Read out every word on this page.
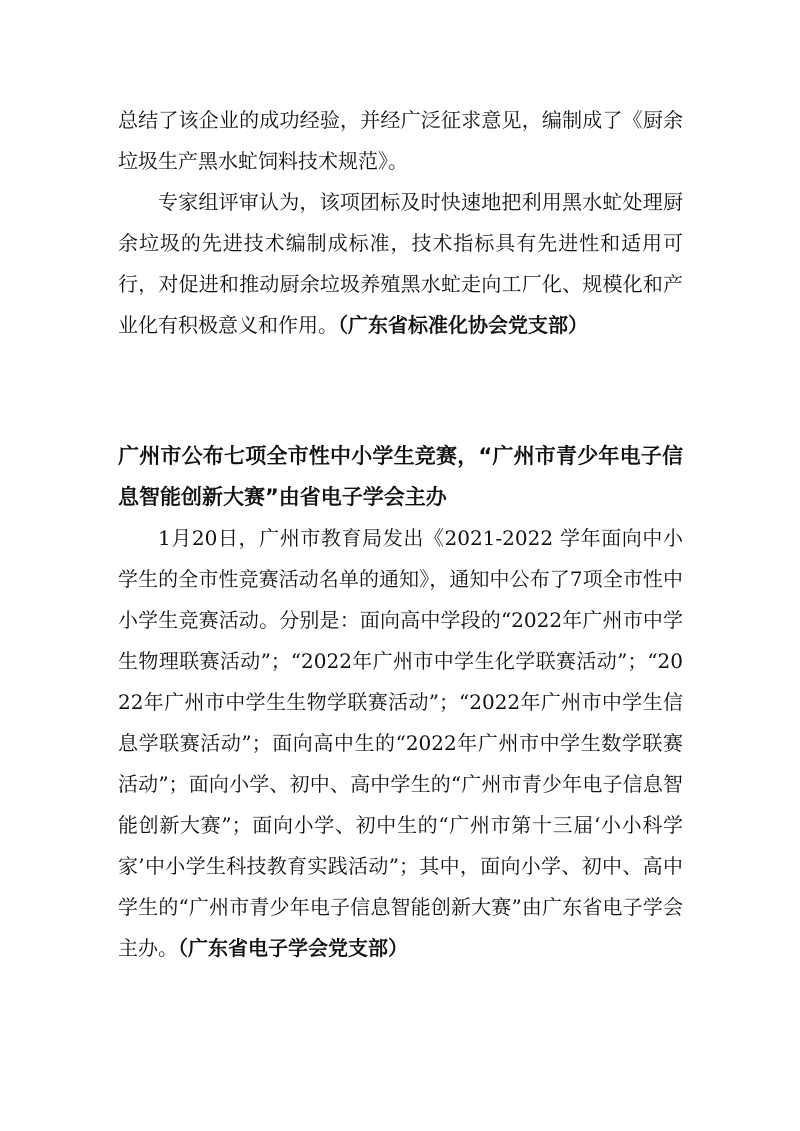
总结了该企业的成功经验，并经广泛征求意见，编制成了《厨余垃圾生产黑水虻饲料技术规范》。

专家组评审认为，该项团标及时快速地把利用黑水虻处理厨余垃圾的先进技术编制成标准，技术指标具有先进性和适用可行，对促进和推动厨余垃圾养殖黑水虻走向工厂化、规模化和产业化有积极意义和作用。（广东省标准化协会党支部）

广州市公布七项全市性中小学生竞赛，“广州市青少年电子信息智能创新大赛”由省电子学会主办

1月20日，广州市教育局发出《2021-2022 学年面向中小学生的全市性竞赛活动名单的通知》，通知中公布了7项全市性中小学生竞赛活动。分别是：面向高中学段的“2022年广州市中学生物理联赛活动”；“2022年广州市中学生化学联赛活动”；“2022年广州市中学生生物学联赛活动”；“2022年广州市中学生信息学联赛活动”；面向高中生的“2022年广州市中学生数学联赛活动”；面向小学、初中、高中学生的“广州市青少年电子信息智能创新大赛”；面向小学、初中生的“广州市第十三届‘小小科学家’中小学生科技教育实践活动”；其中，面向小学、初中、高中学生的“广州市青少年电子信息智能创新大赛”由广东省电子学会主办。（广东省电子学会党支部）
